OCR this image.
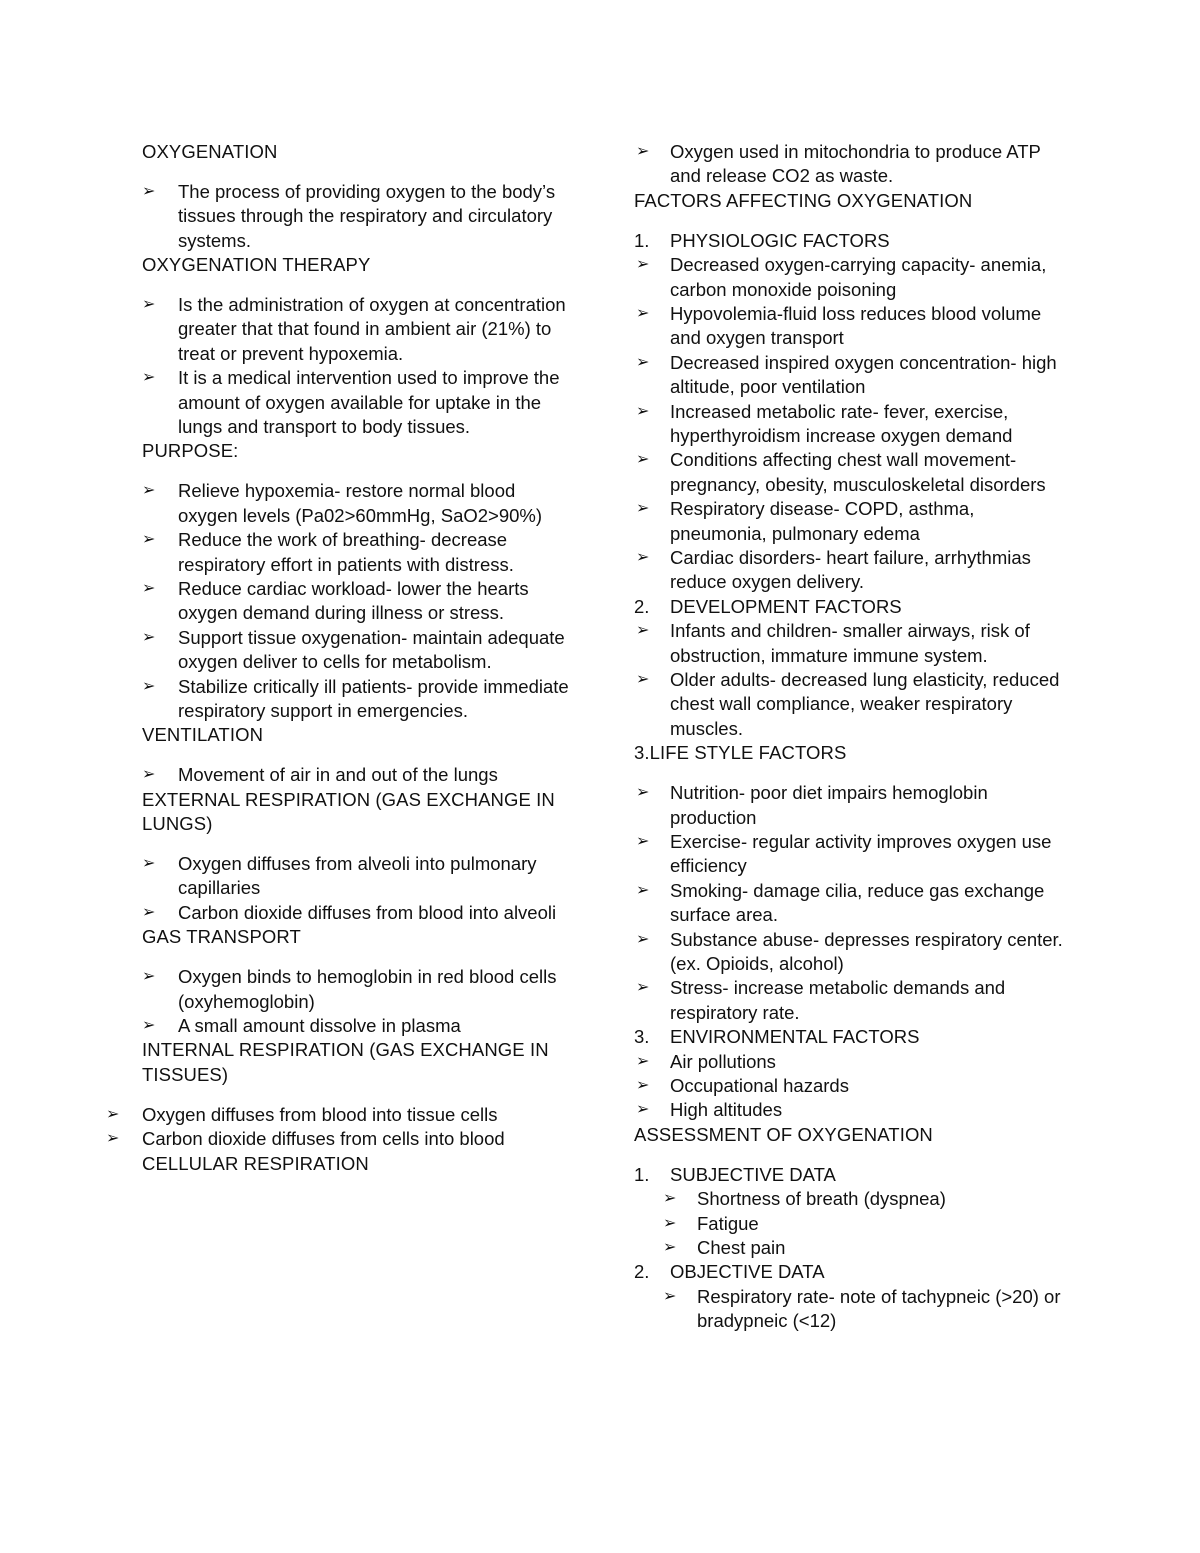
OXYGENATION

➢ The process of providing oxygen to the body’s tissues through the respiratory and circulatory systems.

OXYGENATION THERAPY

➢ Is the administration of oxygen at concentration greater that that found in ambient air (21%) to treat or prevent hypoxemia.
➢ It is a medical intervention used to improve the amount of oxygen available for uptake in the lungs and transport to body tissues.

PURPOSE:

➢ Relieve hypoxemia- restore normal blood oxygen levels (Pa02>60mmHg, SaO2>90%)
➢ Reduce the work of breathing- decrease respiratory effort in patients with distress.
➢ Reduce cardiac workload- lower the hearts oxygen demand during illness or stress.
➢ Support tissue oxygenation- maintain adequate oxygen deliver to cells for metabolism.
➢ Stabilize critically ill patients- provide immediate respiratory support in emergencies.

VENTILATION

➢ Movement of air in and out of the lungs

EXTERNAL RESPIRATION (GAS EXCHANGE IN LUNGS)

➢ Oxygen diffuses from alveoli into pulmonary capillaries
➢ Carbon dioxide diffuses from blood into alveoli

GAS TRANSPORT

➢ Oxygen binds to hemoglobin in red blood cells (oxyhemoglobin)
➢ A small amount dissolve in plasma

INTERNAL RESPIRATION (GAS EXCHANGE IN TISSUES)

➢ Oxygen diffuses from blood into tissue cells
➢ Carbon dioxide diffuses from cells into blood

CELLULAR RESPIRATION

➢ Oxygen used in mitochondria to produce ATP and release CO2 as waste.

FACTORS AFFECTING OXYGENATION

1. PHYSIOLOGIC FACTORS
➢ Decreased oxygen-carrying capacity- anemia, carbon monoxide poisoning
➢ Hypovolemia-fluid loss reduces blood volume and oxygen transport
➢ Decreased inspired oxygen concentration- high altitude, poor ventilation
➢ Increased metabolic rate- fever, exercise, hyperthyroidism increase oxygen demand
➢ Conditions affecting chest wall movement- pregnancy, obesity, musculoskeletal disorders
➢ Respiratory disease- COPD, asthma, pneumonia, pulmonary edema
➢ Cardiac disorders- heart failure, arrhythmias reduce oxygen delivery.
2. DEVELOPMENT FACTORS
➢ Infants and children- smaller airways, risk of obstruction, immature immune system.
➢ Older adults- decreased lung elasticity, reduced chest wall compliance, weaker respiratory muscles.

3.LIFE STYLE FACTORS

➢ Nutrition- poor diet impairs hemoglobin production
➢ Exercise- regular activity improves oxygen use efficiency
➢ Smoking- damage cilia, reduce gas exchange surface area.
➢ Substance abuse- depresses respiratory center. (ex. Opioids, alcohol)
➢ Stress- increase metabolic demands and respiratory rate.
3. ENVIRONMENTAL FACTORS
➢ Air pollutions
➢ Occupational hazards
➢ High altitudes

ASSESSMENT OF OXYGENATION

1. SUBJECTIVE DATA
➢ Shortness of breath (dyspnea)
➢ Fatigue
➢ Chest pain
2. OBJECTIVE DATA
➢ Respiratory rate- note of tachypneic (>20) or bradypneic (<12)
